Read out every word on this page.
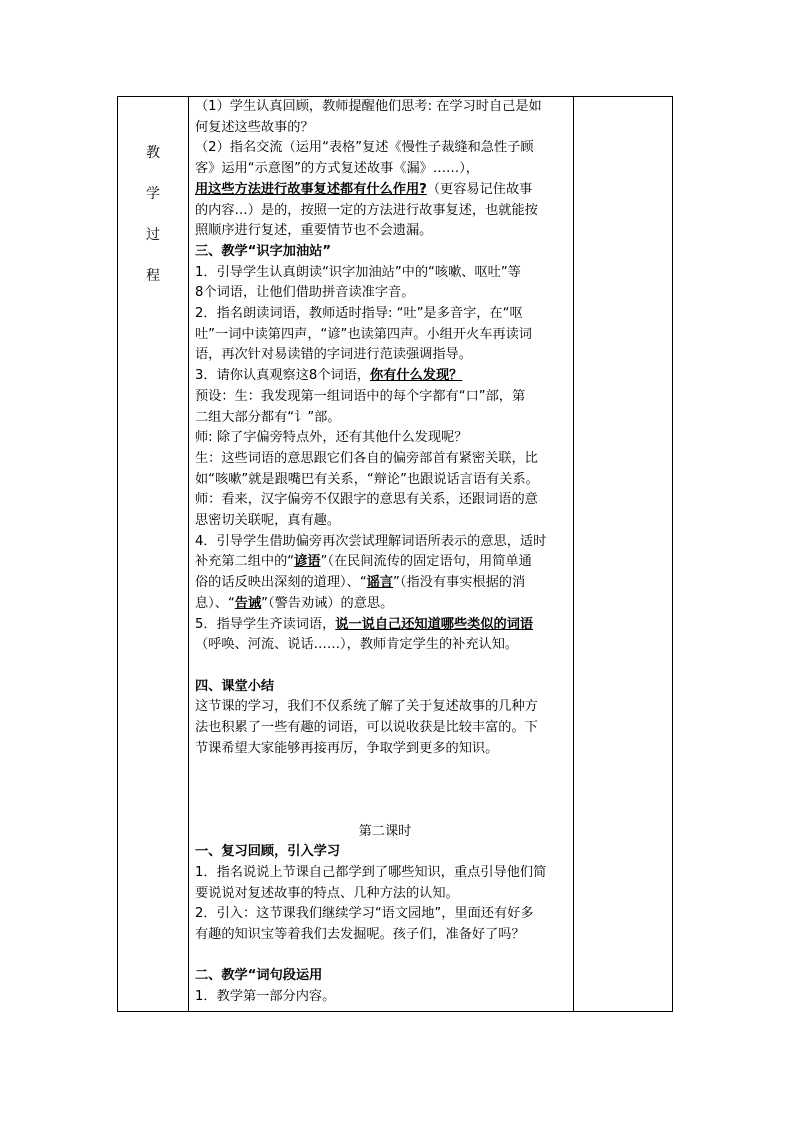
教
学
过
程

（1）学生认真回顾，教师提醒他们思考: 在学习时自己是如

何复述这些故事的？

（2）指名交流（运用“表格”复述《慢性子裁缝和急性子顾

客》运用“示意图”的方式复述故事《漏》……），

用这些方法进行故事复述都有什么作用?（更容易记住故事

的内容…）是的，按照一定的方法进行故事复述，也就能按

照顺序进行复述，重要情节也不会遗漏。

三、教学“识字加油站”

1．引导学生认真朗读“识字加油站”中的“咳嗽、呕吐”等

8个词语，让他们借助拼音读准字音。

2．指名朗读词语，教师适时指导: “吐”是多音字，在“呕

吐”一词中读第四声，“谚”也读第四声。小组开火车再读词

语，再次针对易读错的字词进行范读强调指导。

3．请你认真观察这8个词语，你有什么发现？

预设：生：我发现第一组词语中的每个字都有“口”部，第

二组大部分都有“讠”部。

师: 除了字偏旁特点外，还有其他什么发现呢？

生：这些词语的意思跟它们各自的偏旁部首有紧密关联，比

如“咳嗽”就是跟嘴巴有关系，“辩论”也跟说话言语有关系。

师：看来，汉字偏旁不仅跟字的意思有关系，还跟词语的意

思密切关联呢，真有趣。

4．引导学生借助偏旁再次尝试理解词语所表示的意思，适时

补充第二组中的“谚语”（在民间流传的固定语句，用简单通

俗的话反映出深刻的道理）、“谣言”（指没有事实根据的消

息）、“告诫”（警告劝诫）的意思。

5．指导学生齐读词语，说一说自己还知道哪些类似的词语

（呼唤、河流、说话……），教师肯定学生的补充认知。

四、课堂小结

这节课的学习，我们不仅系统了解了关于复述故事的几种方

法也积累了一些有趣的词语，可以说收获是比较丰富的。下

节课希望大家能够再接再厉，争取学到更多的知识。

第二课时

一、复习回顾，引入学习

1．指名说说上节课自己都学到了哪些知识，重点引导他们简

要说说对复述故事的特点、几种方法的认知。

2．引入：这节课我们继续学习“语文园地”，里面还有好多

有趣的知识宝等着我们去发掘呢。孩子们，准备好了吗？

二、教学“词句段运用

1．教学第一部分内容。
